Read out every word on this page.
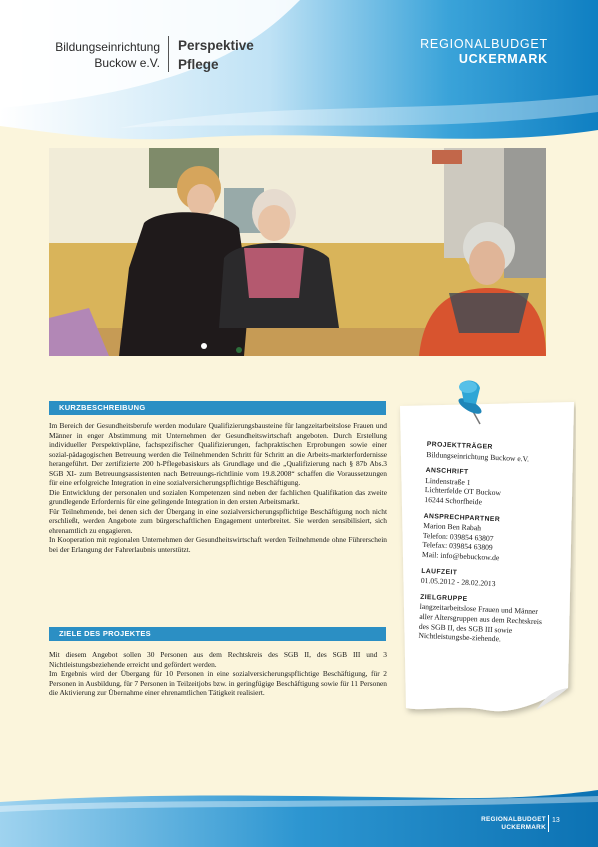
Bildungseinrichtung
Buckow e.V.
Perspektive
Pflege
REGIONALBUDGET
UCKERMARK
KURZBESCHREIBUNG

Im Bereich der Gesundheitsberufe werden modulare Qualifizierungsbausteine für langzeitarbeitslose Frauen und Männer in enger Abstimmung mit Unternehmen der Gesundheitswirtschaft angeboten. Durch Erstellung individueller Perspektivpläne, fachspezifischer Qualifizierungen, fachpraktischen Erprobungen sowie einer sozial-pädagogischen Betreuung werden die Teilnehmenden Schritt für Schritt an die Arbeits-markterfordernisse herangeführt. Der zertifizierte 200 h-Pflegebasiskurs als Grundlage und die „Qualifizierung nach § 87b Abs.3 SGB XI- zum Betreuungsassistenten nach Betreuungs-richtlinie vom 19.8.2008“ schaffen die Voraussetzungen für eine erfolgreiche Integration in eine sozialversicherungspflichtige Beschäftigung.

Die Entwicklung der personalen und sozialen Kompetenzen sind neben der fachlichen Qualifikation das zweite grundlegende Erfordernis für eine gelingende Integration in den ersten Arbeitsmarkt.

Für Teilnehmende, bei denen sich der Übergang in eine sozialversicherungspflichtige Beschäftigung noch nicht erschließt, werden Angebote zum bürgerschaftlichen Engagement unterbreitet. Sie werden sensibilisiert, sich ehrenamtlich zu engagieren.

In Kooperation mit regionalen Unternehmen der Gesundheitswirtschaft werden Teilnehmende ohne Führerschein bei der Erlangung der Fahrerlaubnis unterstützt.

ZIELE DES PROJEKTES

Mit diesem Angebot sollen 30 Personen aus dem Rechtskreis des SGB II, des SGB III und 3 Nichtleistungsbeziehende erreicht und gefördert werden.

Im Ergebnis wird der Übergang für 10 Personen in eine sozialversicherungspflichtige Beschäftigung, für 2 Personen in Ausbildung, für 7 Personen in Teilzeitjobs bzw. in geringfügige Beschäftigung sowie für 11 Personen die Aktivierung zur Übernahme einer ehrenamtlichen Tätigkeit realisiert.

PROJEKTTRÄGER
Bildungseinrichtung Buckow e.V.
ANSCHRIFT
Lindenstraße 1
Lichterfelde OT Buckow
16244 Schorfheide
ANSPRECHPARTNER
Marion Ben Rabah
Telefon: 039854 63807
Telefax: 039854 63809
Mail: info@bebuckow.de
LAUFZEIT
01.05.2012 - 28.02.2013
ZIELGRUPPE
langzeitarbeitslose Frauen und Männer aller Altersgruppen aus dem Rechtskreis des SGB II, des SGB III sowie Nichtleistungsbe-ziehende.
REGIONALBUDGET
UCKERMARK
13
